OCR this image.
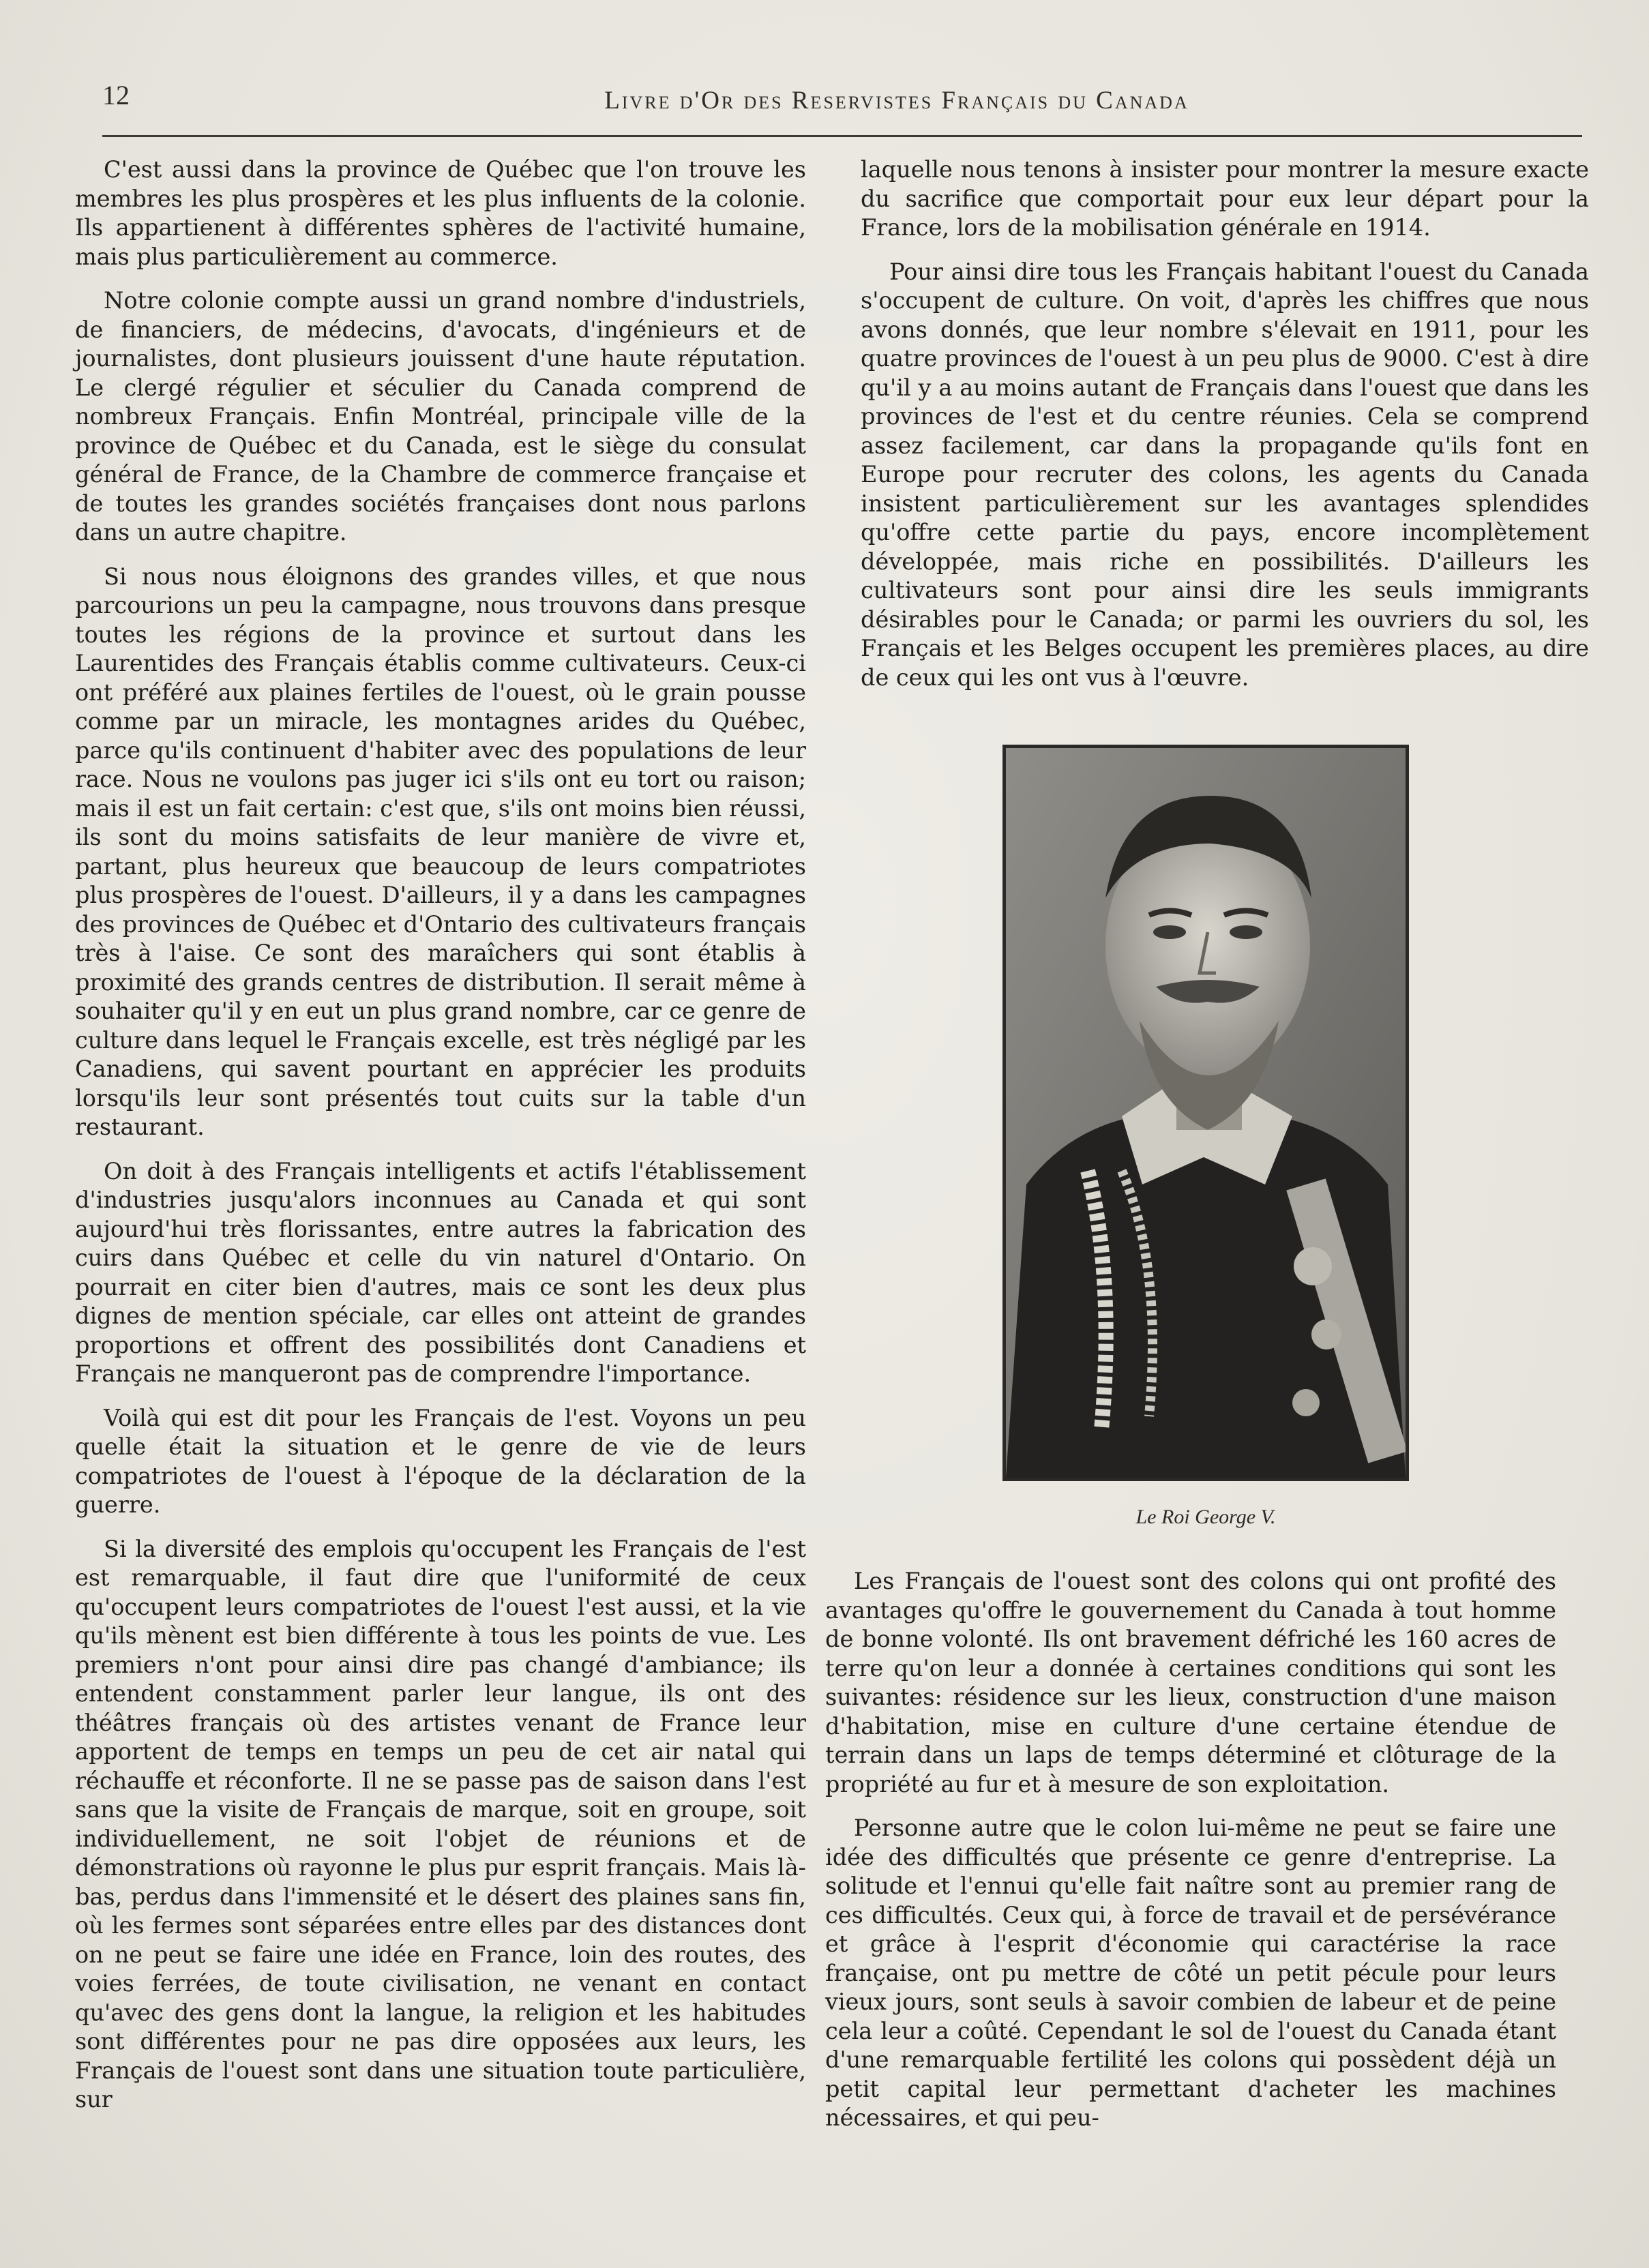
12	Livre d'Or des Reservistes Français du Canada

C'est aussi dans la province de Québec que l'on trouve les membres les plus prospères et les plus influents de la colonie. Ils appartienent à différentes sphères de l'activité humaine, mais plus particulièrement au commerce.

Notre colonie compte aussi un grand nombre d'industriels, de financiers, de médecins, d'avocats, d'ingénieurs et de journalistes, dont plusieurs jouissent d'une haute réputation. Le clergé régulier et séculier du Canada comprend de nombreux Français. Enfin Montréal, principale ville de la province de Québec et du Canada, est le siège du consulat général de France, de la Chambre de commerce française et de toutes les grandes sociétés françaises dont nous parlons dans un autre chapitre.

Si nous nous éloignons des grandes villes, et que nous parcourions un peu la campagne, nous trouvons dans presque toutes les régions de la province et surtout dans les Laurentides des Français établis comme cultivateurs. Ceux-ci ont préféré aux plaines fertiles de l'ouest, où le grain pousse comme par un miracle, les montagnes arides du Québec, parce qu'ils continuent d'habiter avec des populations de leur race. Nous ne voulons pas juger ici s'ils ont eu tort ou raison; mais il est un fait certain: c'est que, s'ils ont moins bien réussi, ils sont du moins satisfaits de leur manière de vivre et, partant, plus heureux que beaucoup de leurs compatriotes plus prospères de l'ouest. D'ailleurs, il y a dans les campagnes des provinces de Québec et d'Ontario des cultivateurs français très à l'aise. Ce sont des maraîchers qui sont établis à proximité des grands centres de distribution. Il serait même à souhaiter qu'il y en eut un plus grand nombre, car ce genre de culture dans lequel le Français excelle, est très négligé par les Canadiens, qui savent pourtant en apprécier les produits lorsqu'ils leur sont présentés tout cuits sur la table d'un restaurant.

On doit à des Français intelligents et actifs l'établissement d'industries jusqu'alors inconnues au Canada et qui sont aujourd'hui très florissantes, entre autres la fabrication des cuirs dans Québec et celle du vin naturel d'Ontario. On pourrait en citer bien d'autres, mais ce sont les deux plus dignes de mention spéciale, car elles ont atteint de grandes proportions et offrent des possibilités dont Canadiens et Français ne manqueront pas de comprendre l'importance.

Voilà qui est dit pour les Français de l'est. Voyons un peu quelle était la situation et le genre de vie de leurs compatriotes de l'ouest à l'époque de la déclaration de la guerre.

Si la diversité des emplois qu'occupent les Français de l'est est remarquable, il faut dire que l'uniformité de ceux qu'occupent leurs compatriotes de l'ouest l'est aussi, et la vie qu'ils mènent est bien différente à tous les points de vue. Les premiers n'ont pour ainsi dire pas changé d'ambiance; ils entendent constamment parler leur langue, ils ont des théâtres français où des artistes venant de France leur apportent de temps en temps un peu de cet air natal qui réchauffe et réconforte. Il ne se passe pas de saison dans l'est sans que la visite de Français de marque, soit en groupe, soit individuellement, ne soit l'objet de réunions et de démonstrations où rayonne le plus pur esprit français. Mais là-bas, perdus dans l'immensité et le désert des plaines sans fin, où les fermes sont séparées entre elles par des distances dont on ne peut se faire une idée en France, loin des routes, des voies ferrées, de toute civilisation, ne venant en contact qu'avec des gens dont la langue, la religion et les habitudes sont différentes pour ne pas dire opposées aux leurs, les Français de l'ouest sont dans une situation toute particulière, sur

laquelle nous tenons à insister pour montrer la mesure exacte du sacrifice que comportait pour eux leur départ pour la France, lors de la mobilisation générale en 1914.

Pour ainsi dire tous les Français habitant l'ouest du Canada s'occupent de culture. On voit, d'après les chiffres que nous avons donnés, que leur nombre s'élevait en 1911, pour les quatre provinces de l'ouest à un peu plus de 9000. C'est à dire qu'il y a au moins autant de Français dans l'ouest que dans les provinces de l'est et du centre réunies. Cela se comprend assez facilement, car dans la propagande qu'ils font en Europe pour recruter des colons, les agents du Canada insistent particulièrement sur les avantages splendides qu'offre cette partie du pays, encore incomplètement développée, mais riche en possibilités. D'ailleurs les cultivateurs sont pour ainsi dire les seuls immigrants désirables pour le Canada; or parmi les ouvriers du sol, les Français et les Belges occupent les premières places, au dire de ceux qui les ont vus à l'œuvre.

Le Roi George V.

Les Français de l'ouest sont des colons qui ont profité des avantages qu'offre le gouvernement du Canada à tout homme de bonne volonté. Ils ont bravement défriché les 160 acres de terre qu'on leur a donnée à certaines conditions qui sont les suivantes: résidence sur les lieux, construction d'une maison d'habitation, mise en culture d'une certaine étendue de terrain dans un laps de temps déterminé et clôturage de la propriété au fur et à mesure de son exploitation.

Personne autre que le colon lui-même ne peut se faire une idée des difficultés que présente ce genre d'entreprise. La solitude et l'ennui qu'elle fait naître sont au premier rang de ces difficultés. Ceux qui, à force de travail et de persévérance et grâce à l'esprit d'économie qui caractérise la race française, ont pu mettre de côté un petit pécule pour leurs vieux jours, sont seuls à savoir combien de labeur et de peine cela leur a coûté. Cependant le sol de l'ouest du Canada étant d'une remarquable fertilité les colons qui possèdent déjà un petit capital leur permettant d'acheter les machines nécessaires, et qui peu-
